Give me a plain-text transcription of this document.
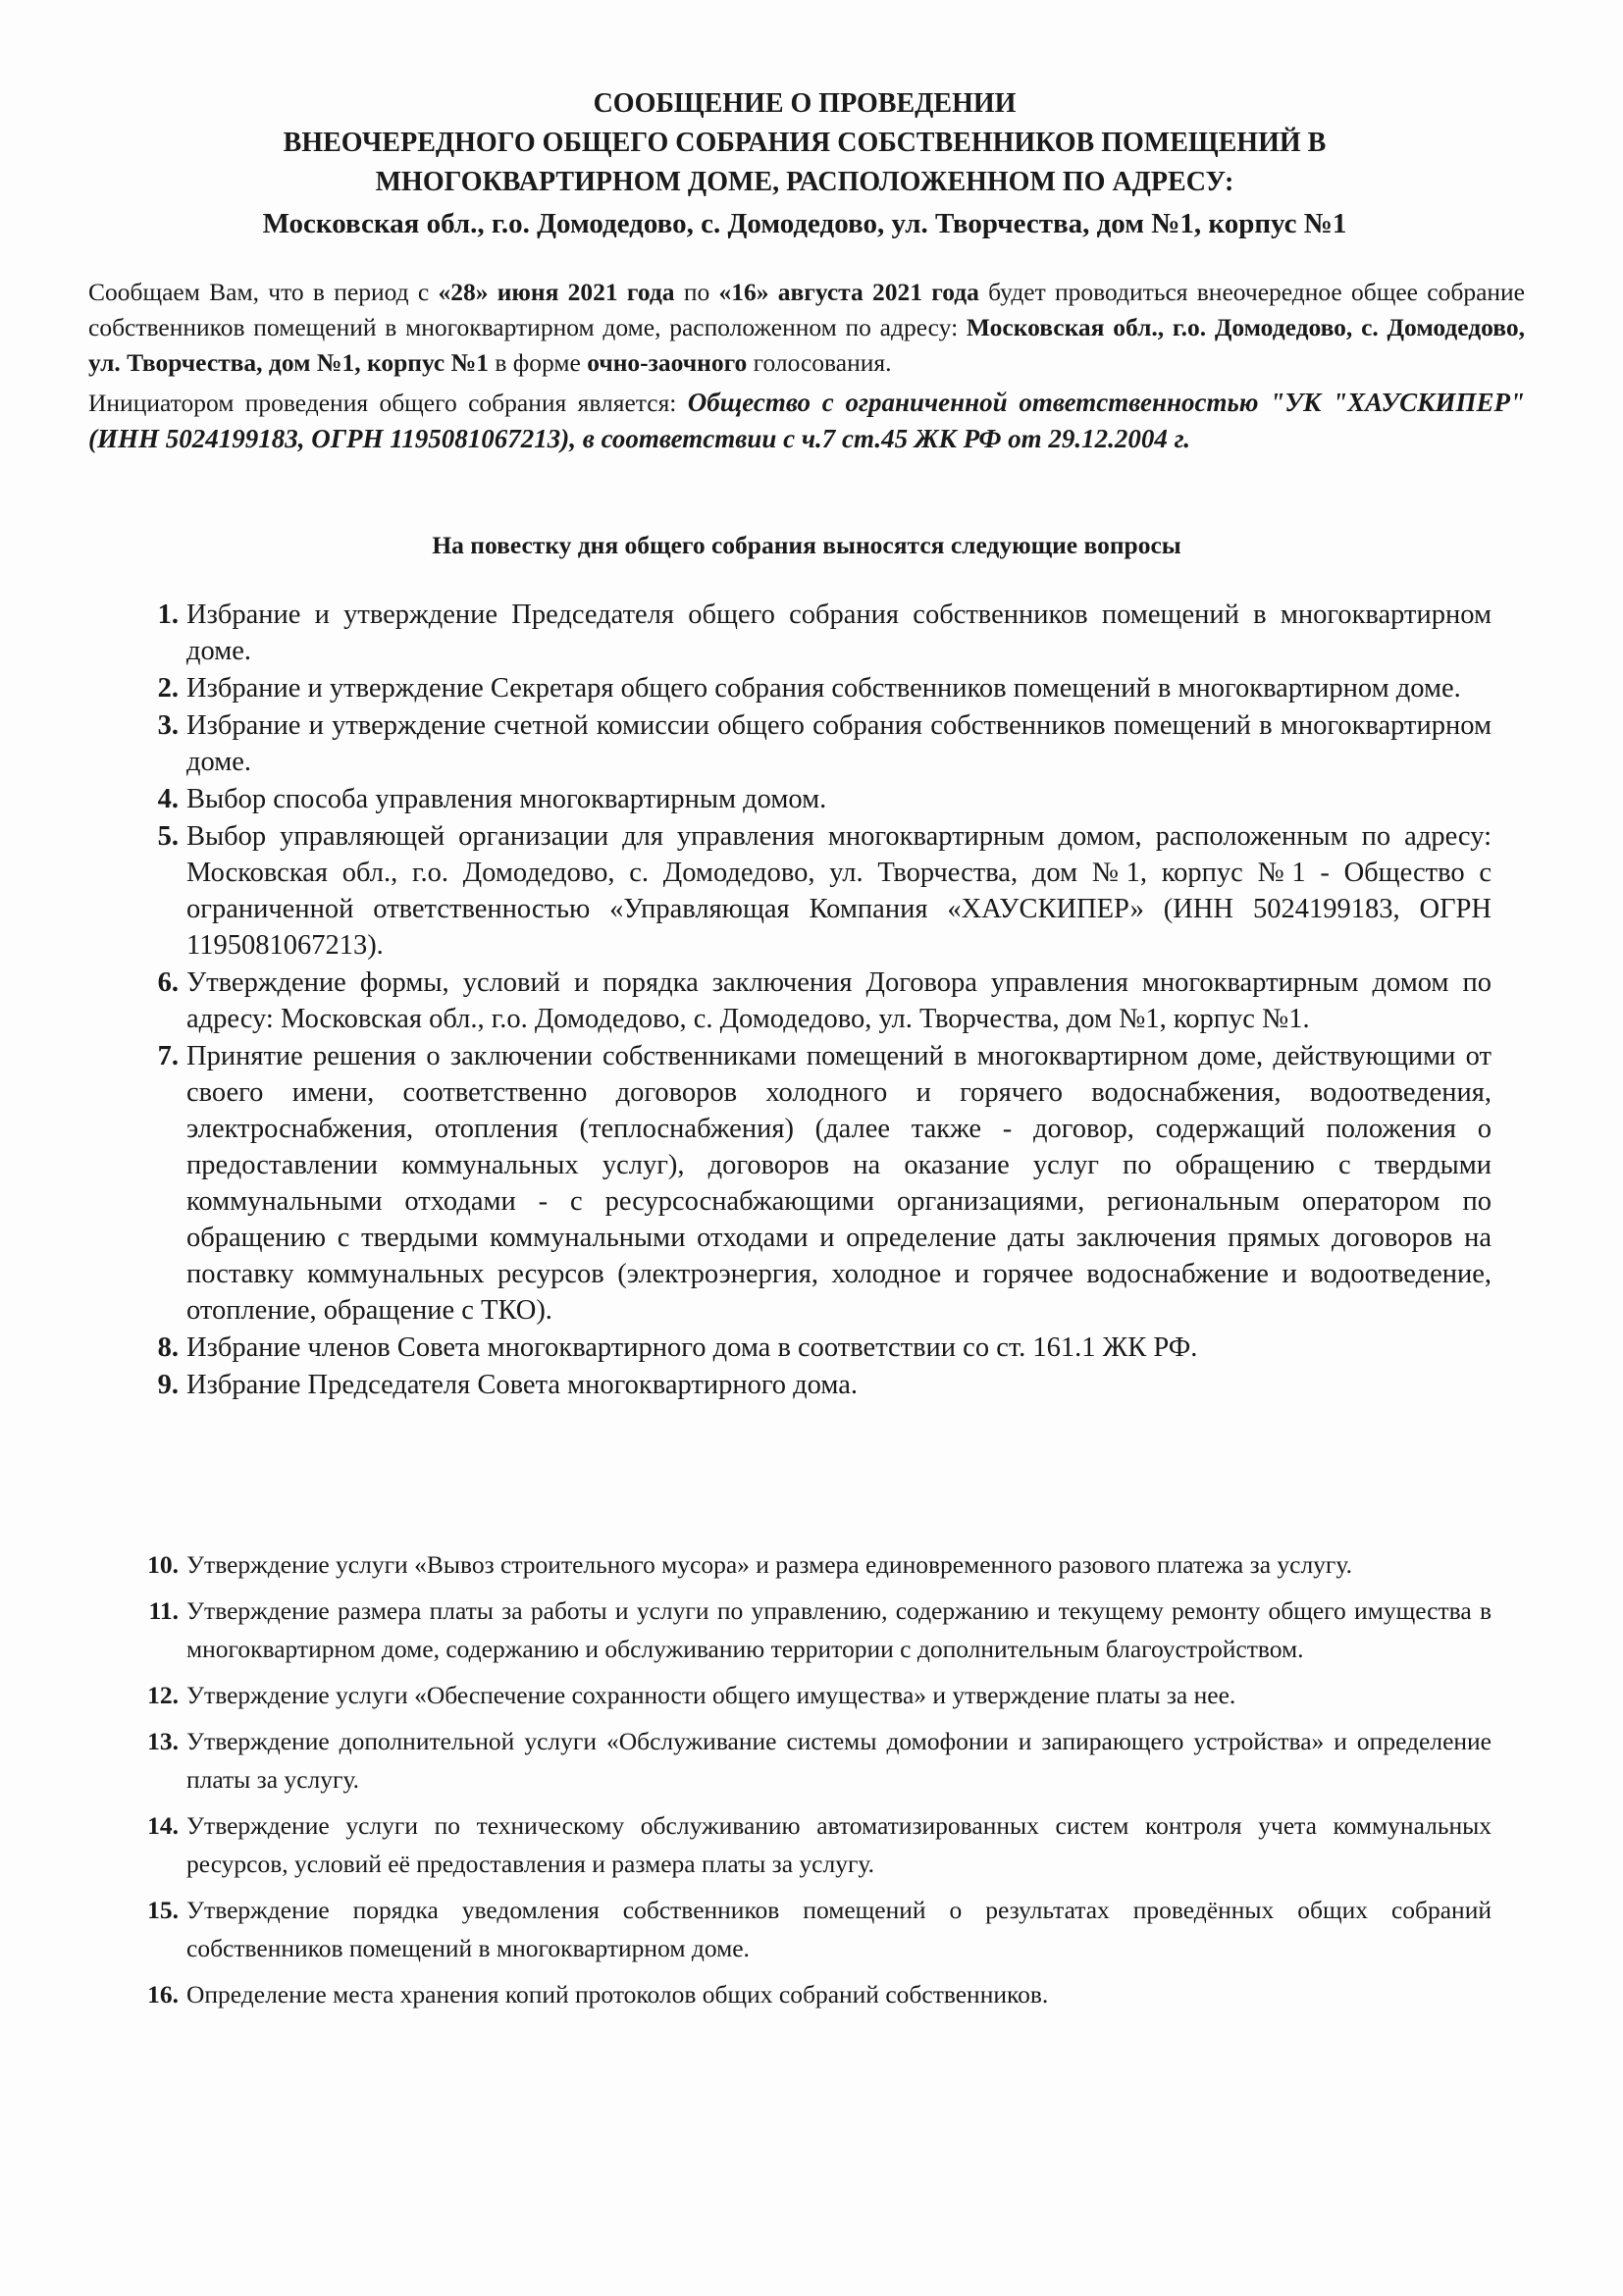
СООБЩЕНИЕ О ПРОВЕДЕНИИ
ВНЕОЧЕРЕДНОГО ОБЩЕГО СОБРАНИЯ СОБСТВЕННИКОВ ПОМЕЩЕНИЙ В
МНОГОКВАРТИРНОМ ДОМЕ, РАСПОЛОЖЕННОМ ПО АДРЕСУ:
Московская обл., г.о. Домодедово, с. Домодедово, ул. Творчества, дом №1, корпус №1

Сообщаем Вам, что в период с «28» июня 2021 года по «16» августа 2021 года будет проводиться внеочередное общее собрание собственников помещений в многоквартирном доме, расположенном по адресу: Московская обл., г.о. Домодедово, с. Домодедово, ул. Творчества, дом №1, корпус №1 в форме очно-заочного голосования.

Инициатором проведения общего собрания является: Общество с ограниченной ответственностью "УК "ХАУСКИПЕР" (ИНН 5024199183, ОГРН 1195081067213), в соответствии с ч.7 ст.45 ЖК РФ от 29.12.2004 г.

На повестку дня общего собрания выносятся следующие вопросы
1. Избрание и утверждение Председателя общего собрания собственников помещений в многоквартирном доме.
2. Избрание и утверждение Секретаря общего собрания собственников помещений в многоквартирном доме.
3. Избрание и утверждение счетной комиссии общего собрания собственников помещений в многоквартирном доме.
4. Выбор способа управления многоквартирным домом.
5. Выбор управляющей организации для управления многоквартирным домом, расположенным по адресу: Московская обл., г.о. Домодедово, с. Домодедово, ул. Творчества, дом №1, корпус №1 - Общество с ограниченной ответственностью «Управляющая Компания «ХАУСКИПЕР» (ИНН 5024199183, ОГРН 1195081067213).
6. Утверждение формы, условий и порядка заключения Договора управления многоквартирным домом по адресу: Московская обл., г.о. Домодедово, с. Домодедово, ул. Творчества, дом №1, корпус №1.
7. Принятие решения о заключении собственниками помещений в многоквартирном доме, действующими от своего имени, соответственно договоров холодного и горячего водоснабжения, водоотведения, электроснабжения, отопления (теплоснабжения) (далее также - договор, содержащий положения о предоставлении коммунальных услуг), договоров на оказание услуг по обращению с твердыми коммунальными отходами - с ресурсоснабжающими организациями, региональным оператором по обращению с твердыми коммунальными отходами и определение даты заключения прямых договоров на поставку коммунальных ресурсов (электроэнергия, холодное и горячее водоснабжение и водоотведение, отопление, обращение с ТКО).
8. Избрание членов Совета многоквартирного дома в соответствии со ст. 161.1 ЖК РФ.
9. Избрание Председателя Совета многоквартирного дома.
10. Утверждение услуги «Вывоз строительного мусора» и размера единовременного разового платежа за услугу.
11. Утверждение размера платы за работы и услуги по управлению, содержанию и текущему ремонту общего имущества в многоквартирном доме, содержанию и обслуживанию территории с дополнительным благоустройством.
12. Утверждение услуги «Обеспечение сохранности общего имущества» и утверждение платы за нее.
13. Утверждение дополнительной услуги «Обслуживание системы домофонии и запирающего устройства» и определение платы за услугу.
14. Утверждение услуги по техническому обслуживанию автоматизированных систем контроля учета коммунальных ресурсов, условий её предоставления и размера платы за услугу.
15. Утверждение порядка уведомления собственников помещений о результатах проведённых общих собраний собственников помещений в многоквартирном доме.
16. Определение места хранения копий протоколов общих собраний собственников.
